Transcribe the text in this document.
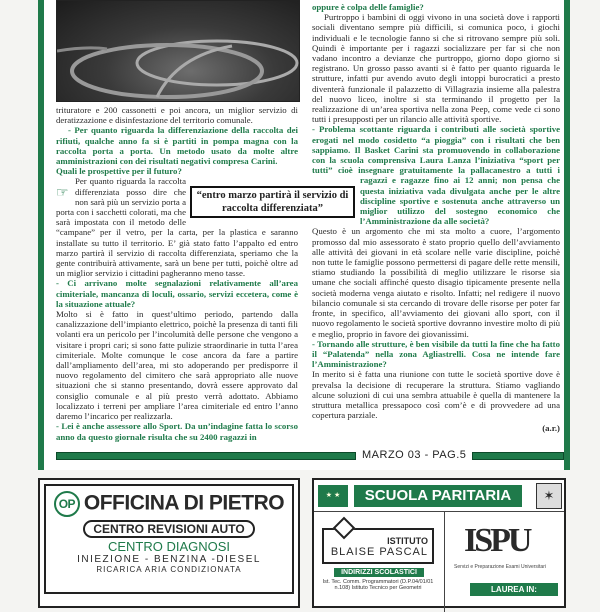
☞

trituratore e 200 cassonetti e poi ancora, un miglior servizio di deratizzazione e disinfestazione del territorio comunale.

- Per quanto riguarda la differenziazione della raccolta dei rifiuti, qualche anno fa si è partiti in pompa magna con la raccolta porta a porta. Un metodo usato da molte altre amministrazioni con dei risultati negativi compresa Carini.

Quali le prospettive per il futuro?

Per quanto riguarda la raccolta differenziata posso dire che non sarà più un servizio porta a porta con i sacchetti colorati, ma che sarà impostata con il metodo delle “campane” per il vetro, per la carta, per la plastica e saranno installate su tutto il territorio. E’ già stato fatto l’appalto ed entro marzo partirà il servizio di raccolta differenziata, speriamo che la gente contribuirà attivamente, sarà un bene per tutti, poichè oltre ad un miglior servizio i cittadini pagheranno meno tasse.

- Ci arrivano molte segnalazioni relativamente all’area cimiteriale, mancanza di loculi, ossario, servizi eccetera, come è la situazione attuale?

Molto si è fatto in quest’ultimo periodo, partendo dalla canalizzazione dell’impianto elettrico, poichè la presenza di tanti fili volanti era un pericolo per l’incolumità delle persone che vengono a visitare i propri cari; si sono fatte pulizie straordinarie in tutta l’area cimiteriale. Molte comunque le cose ancora da fare a partire dall’ampliamento dell’area, mi sto adoperando per predisporre il nuovo regolamento del cimitero che sarà appropriato alle nuove situazioni che si stanno presentando, dovrà essere approvato dal consiglio comunale e al più presto verrà adottato. Abbiamo localizzato i terreni per ampliare l’area cimiteriale ed entro l’anno daremo l’incarico per realizzarla.

- Lei è anche assessore allo Sport. Da un’indagine fatta lo scorso anno da questo giornale risulta che su 2400 ragazzi in

oppure è colpa delle famiglie?

Purtroppo i bambini di oggi vivono in una società dove i rapporti sociali diventano sempre più difficili, si comunica poco, i giochi individuali e le tecnologie fanno si che si ritrovano sempre più soli. Quindi è importante per i ragazzi socializzare per far si che non vadano incontro a devianze che purtroppo, giorno dopo giorno si registrano. Un grosso passo avanti si è fatto per quanto riguarda le strutture, infatti pur avendo avuto degli intoppi burocratici a presto diventerà funzionale il palazzetto di Villagrazia insieme alla palestra del nuovo liceo, inoltre si sta terminando il progetto per la realizzazione di un’area sportiva nella zona Peep, come vede ci sono tutti i presupposti per un rilancio alle attività sportive.

- Problema scottante riguarda i contributi alle società sportive erogati nel modo cosidetto “a pioggia” con i risultati che ben sappiamo. Il Basket Carini sta promuovendo in collaborazione con la scuola comprensiva Laura Lanza l’iniziativa “sport per tutti” cioè insegnare gratuitamente la pallacanestro a tutti i ragazzi e ragazze fino ai 12 anni; non pensa che questa iniziativa vada divulgata anche per le altre discipline sportive e sostenuta anche attraverso un miglior utilizzo del sostegno economico che l’Amministrazione da alle società?

Questo è un argomento che mi sta molto a cuore, l’argomento promosso dal mio assessorato è stato proprio quello dell’avviamento alle attività dei giovani in età scolare nelle varie discipline, poichè non tutte le famiglie possono permettersi di pagare delle rette mensili, stiamo studiando la possibilità di meglio utilizzare le risorse sia umane che sociali affinché questo disagio tipicamente presente nella società moderna venga aiutato e risolto. Infatti; nel redigere il nuovo bilancio comunale si sta cercando di trovare delle risorse per poter far fronte, in specifico, all’avviamento dei giovani allo sport, con il nuovo regolamento le società sportive dovranno investire molto di più e meglio, proprio in favore dei giovanissimi.

- Tornando alle strutture, è ben visibile da tutti la fine che ha fatto il “Palatenda” nella zona Agliastrelli. Cosa ne intende fare l’Amministrazione?

In merito si è fatta una riunione con tutte le società sportive dove è prevalsa la decisione di recuperare la struttura. Stiamo vagliando alcune soluzioni di cui una sembra attuabile è quella di mantenere la struttura metallica pressapoco così com’è e di provvedere ad una copertura parziale.

(a.r.)

“entro marzo partirà il servizio di raccolta differenziata”
MARZO 03 - PAG.5
OP OFFICINA DI PIETRO
CENTRO REVISIONI AUTO
CENTRO DIAGNOSI
INIEZIONE - BENZINA -DIESEL
RICARICA ARIA CONDIZIONATA
★ ★	SCUOLA PARITARIA	✶
ISTITUTO
BLAISE PASCAL
INDIRIZZI SCOLASTICI
Ist. Tec. Comm. Programmatori (D.P.04/01/01 n.108) Istituto Tecnico per Geometri
ISPU
Servizi e Preparazione Esami Universitari
LAUREA IN:
